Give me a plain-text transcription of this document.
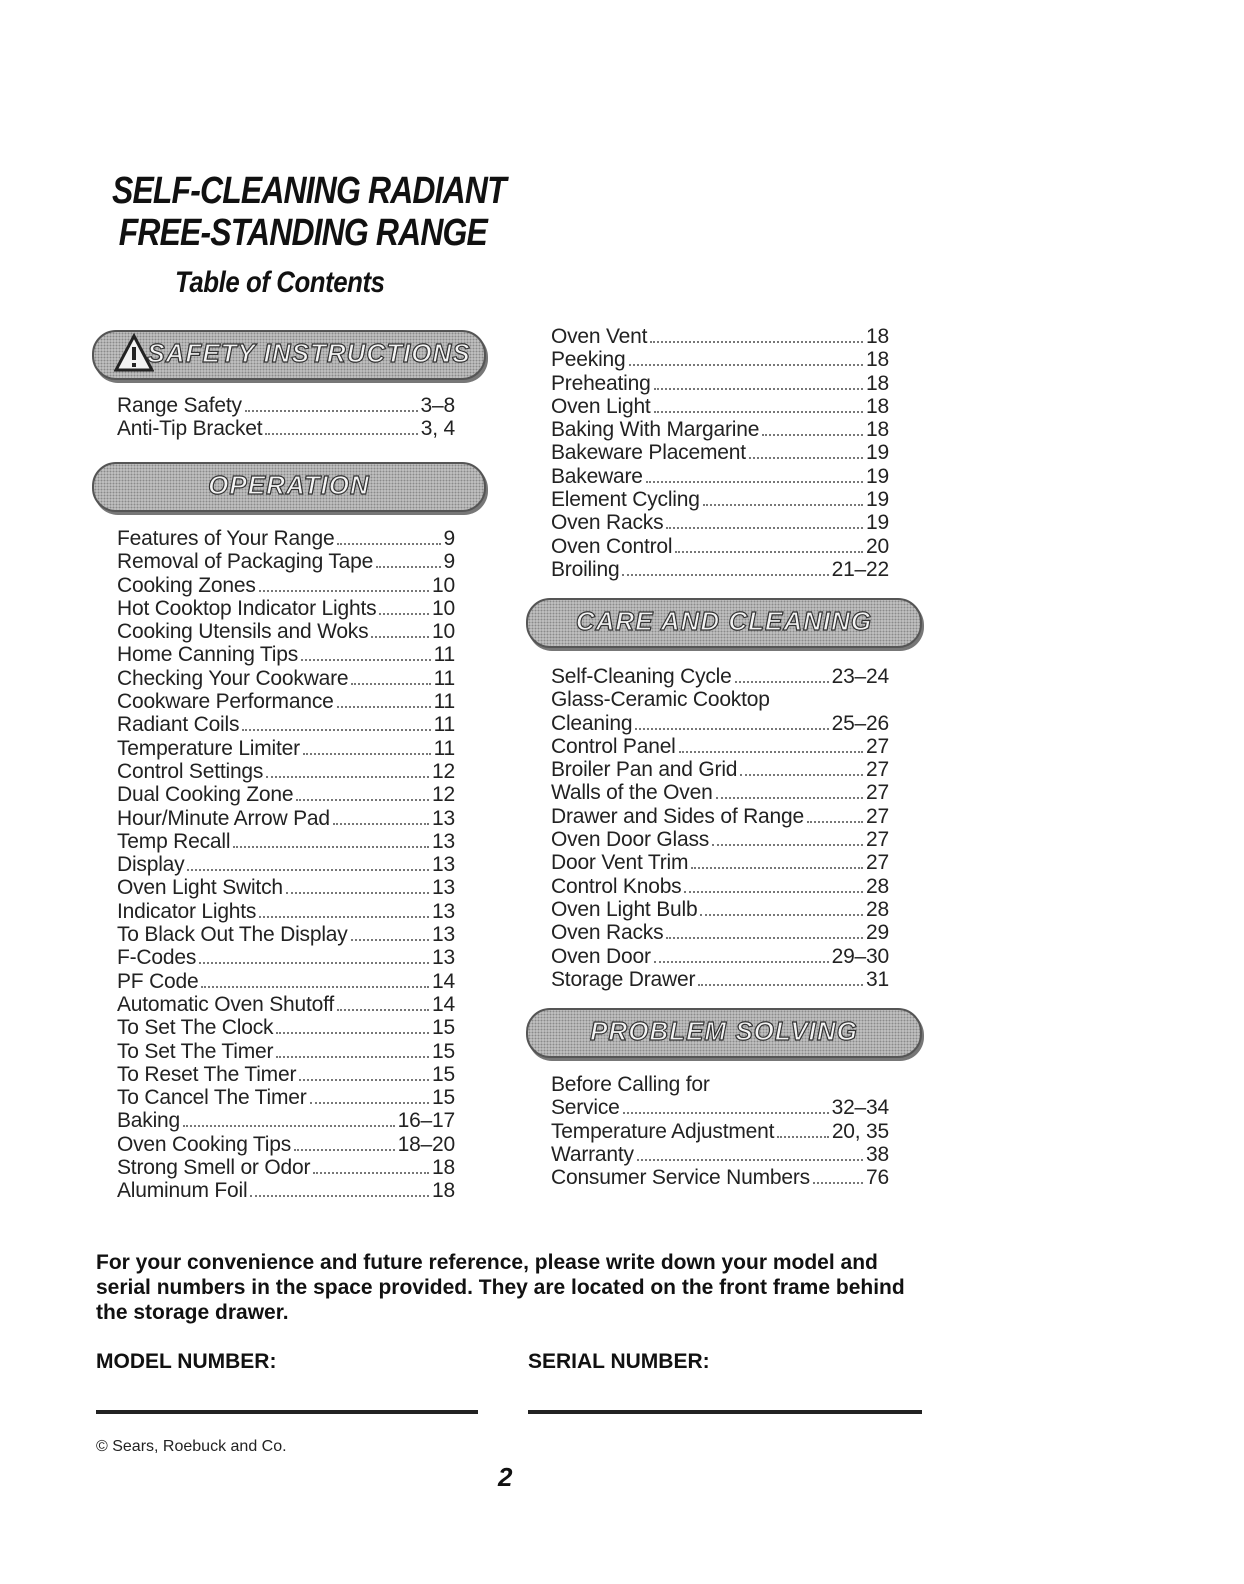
SELF-CLEANING RADIANT
FREE-STANDING RANGE
Table of Contents
SAFETY INSTRUCTIONS
Range Safety	3–8
Anti-Tip Bracket	3, 4
OPERATION
Features of Your Range	9
Removal of Packaging Tape	9
Cooking Zones	10
Hot Cooktop Indicator Lights	10
Cooking Utensils and Woks	10
Home Canning Tips	11
Checking Your Cookware	11
Cookware Performance	11
Radiant Coils	11
Temperature Limiter	11
Control Settings	12
Dual Cooking Zone	12
Hour/Minute Arrow Pad	13
Temp Recall	13
Display	13
Oven Light Switch	13
Indicator Lights	13
To Black Out The Display	13
F-Codes	13
PF Code	14
Automatic Oven Shutoff	14
To Set The Clock	15
To Set The Timer	15
To Reset The Timer	15
To Cancel The Timer	15
Baking	16–17
Oven Cooking Tips	18–20
Strong Smell or Odor	18
Aluminum Foil	18
Oven Vent	18
Peeking	18
Preheating	18
Oven Light	18
Baking With Margarine	18
Bakeware Placement	19
Bakeware	19
Element Cycling	19
Oven Racks	19
Oven Control	20
Broiling	21–22
CARE AND CLEANING
Self-Cleaning Cycle	23–24
Glass-Ceramic Cooktop
Cleaning	25–26
Control Panel	27
Broiler Pan and Grid	27
Walls of the Oven	27
Drawer and Sides of Range	27
Oven Door Glass	27
Door Vent Trim	27
Control Knobs	28
Oven Light Bulb	28
Oven Racks	29
Oven Door	29–30
Storage Drawer	31
PROBLEM SOLVING
Before Calling for
Service	32–34
Temperature Adjustment	20, 35
Warranty	38
Consumer Service Numbers	76

For your convenience and future reference, please write down your model and serial numbers in the space provided. They are located on the front frame behind the storage drawer.

MODEL NUMBER:	SERIAL NUMBER:

© Sears, Roebuck and Co.

2
